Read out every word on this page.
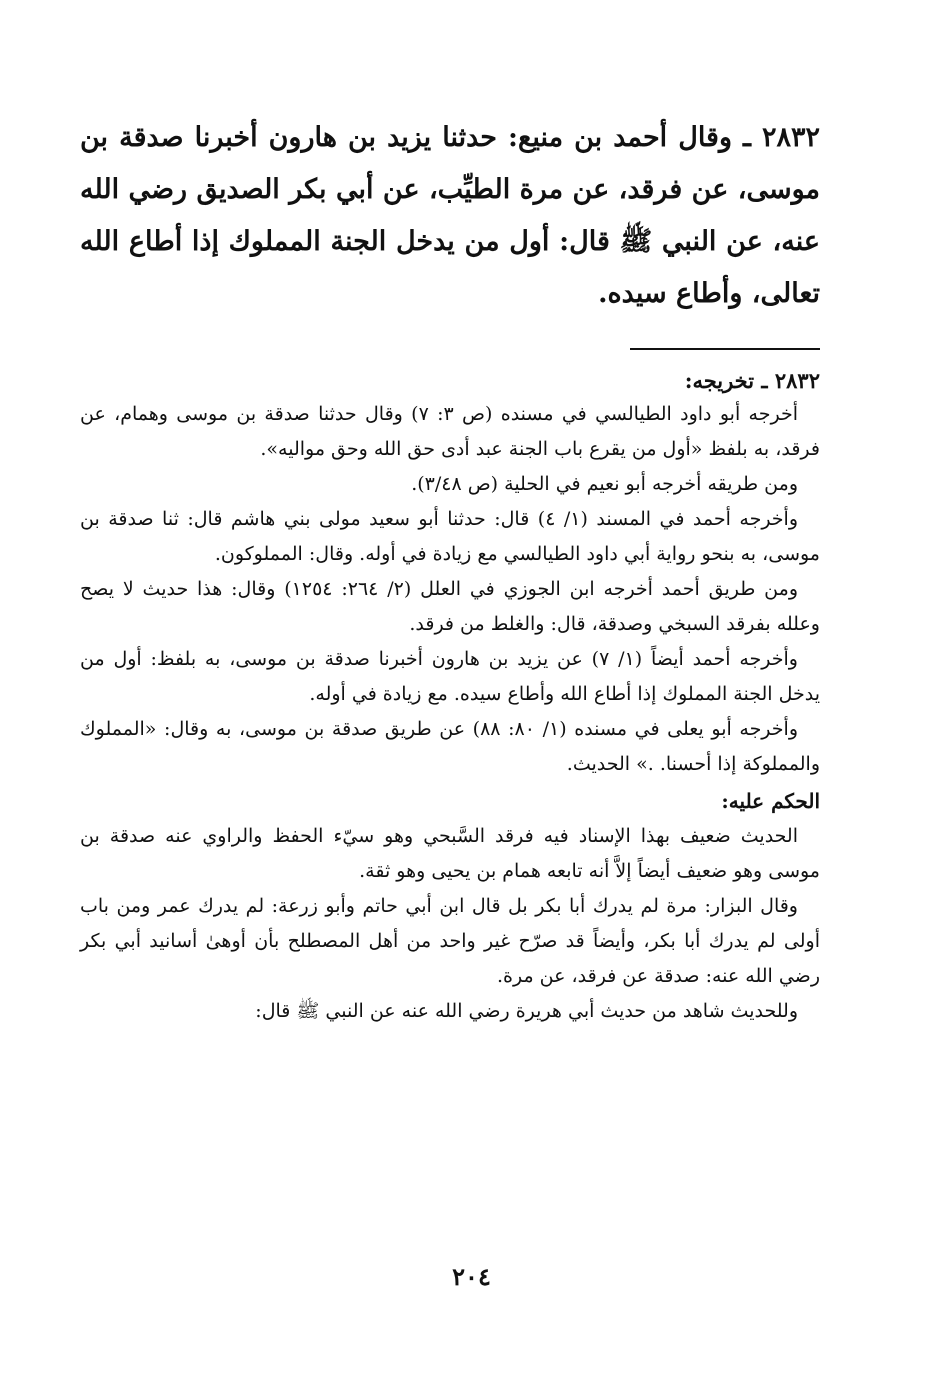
٢٨٣٢ ـ وقال أحمد بن منيع: حدثنا يزيد بن هارون أخبرنا صدقة بن موسى، عن فرقد، عن مرة الطيِّب، عن أبي بكر الصديق رضي الله عنه، عن النبي ﷺ قال: أول من يدخل الجنة المملوك إذا أطاع الله تعالى، وأطاع سيده.

٢٨٣٢ ـ تخريجه:

أخرجه أبو داود الطيالسي في مسنده (ص ٣: ٧) وقال حدثنا صدقة بن موسى وهمام، عن فرقد، به بلفظ «أول من يقرع باب الجنة عبد أدى حق الله وحق مواليه».

ومن طريقه أخرجه أبو نعيم في الحلية (ص ٣/٤٨).

وأخرجه أحمد في المسند (١/ ٤) قال: حدثنا أبو سعيد مولى بني هاشم قال: ثنا صدقة بن موسى، به بنحو رواية أبي داود الطيالسي مع زيادة في أوله. وقال: المملوكون.

ومن طريق أحمد أخرجه ابن الجوزي في العلل (٢/ ٢٦٤: ١٢٥٤) وقال: هذا حديث لا يصح وعلله بفرقد السبخي وصدقة، قال: والغلط من فرقد.

وأخرجه أحمد أيضاً (١/ ٧) عن يزيد بن هارون أخبرنا صدقة بن موسى، به بلفظ: أول من يدخل الجنة المملوك إذا أطاع الله وأطاع سيده. مع زيادة في أوله.

وأخرجه أبو يعلى في مسنده (١/ ٨٠: ٨٨) عن طريق صدقة بن موسى، به وقال: «المملوك والمملوكة إذا أحسنا. .» الحديث.

الحكم عليه:

الحديث ضعيف بهذا الإسناد فيه فرقد السَّبحي وهو سيّء الحفظ والراوي عنه صدقة بن موسى وهو ضعيف أيضاً إلاَّ أنه تابعه همام بن يحيى وهو ثقة.

وقال البزار: مرة لم يدرك أبا بكر بل قال ابن أبي حاتم وأبو زرعة: لم يدرك عمر ومن باب أولى لم يدرك أبا بكر، وأيضاً قد صرّح غير واحد من أهل المصطلح بأن أوهىٰ أسانيد أبي بكر رضي الله عنه: صدقة عن فرقد، عن مرة.

وللحديث شاهد من حديث أبي هريرة رضي الله عنه عن النبي ﷺ قال:

٢٠٤
